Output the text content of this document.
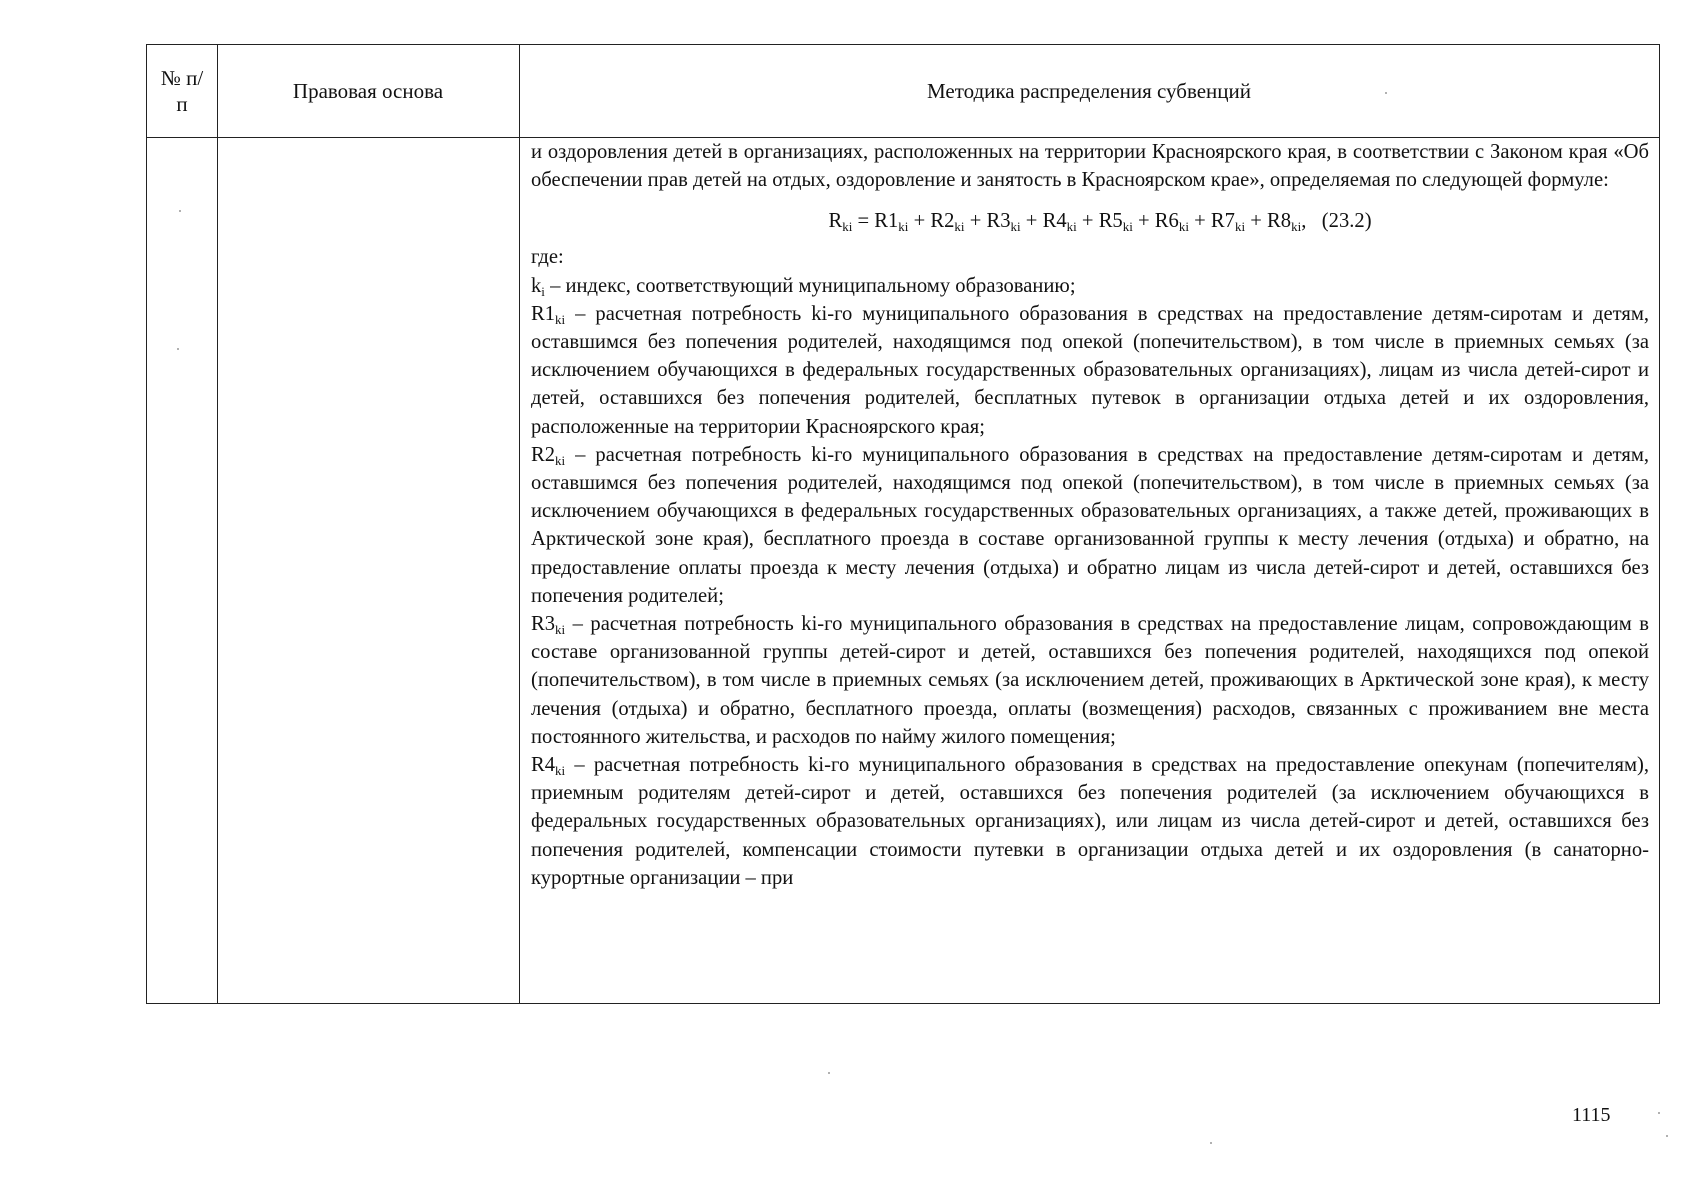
№ п/п
Правовая основа	Методика распределения субвенций

и оздоровления детей в организациях, расположенных на территории Красноярского края, в соответствии с Законом края «Об обеспечении прав детей на отдых, оздоровление и занятость в Красноярском крае», определяемая по следующей формуле:

$R_{ki} = R1_{ki} + R2_{ki} + R3_{ki} + R4_{ki} + R5_{ki} + R6_{ki} + R7_{ki} + R8_{ki}$, (23.2)

где:

$k_i$ – индекс, соответствующий муниципальному образованию;

$R1_{ki}$ – расчетная потребность ki-го муниципального образования в средствах на предоставление детям-сиротам и детям, оставшимся без попечения родителей, находящимся под опекой (попечительством), в том числе в приемных семьях (за исключением обучающихся в федеральных государственных образовательных организациях), лицам из числа детей-сирот и детей, оставшихся без попечения родителей, бесплатных путевок в организации отдыха детей и их оздоровления, расположенные на территории Красноярского края;

$R2_{ki}$ – расчетная потребность ki-го муниципального образования в средствах на предоставление детям-сиротам и детям, оставшимся без попечения родителей, находящимся под опекой (попечительством), в том числе в приемных семьях (за исключением обучающихся в федеральных государственных образовательных организациях, а также детей, проживающих в Арктической зоне края), бесплатного проезда в составе организованной группы к месту лечения (отдыха) и обратно, на предоставление оплаты проезда к месту лечения (отдыха) и обратно лицам из числа детей-сирот и детей, оставшихся без попечения родителей;

$R3_{ki}$ – расчетная потребность ki-го муниципального образования в средствах на предоставление лицам, сопровождающим в составе организованной группы детей-сирот и детей, оставшихся без попечения родителей, находящихся под опекой (попечительством), в том числе в приемных семьях (за исключением детей, проживающих в Арктической зоне края), к месту лечения (отдыха) и обратно, бесплатного проезда, оплаты (возмещения) расходов, связанных с проживанием вне места постоянного жительства, и расходов по найму жилого помещения;

$R4_{ki}$ – расчетная потребность ki-го муниципального образования в средствах на предоставление опекунам (попечителям), приемным родителям детей-сирот и детей, оставшихся без попечения родителей (за исключением обучающихся в федеральных государственных образовательных организациях), или лицам из числа детей-сирот и детей, оставшихся без попечения родителей, компенсации стоимости путевки в организации отдыха детей и их оздоровления (в санаторно-курортные организации – при

1115
